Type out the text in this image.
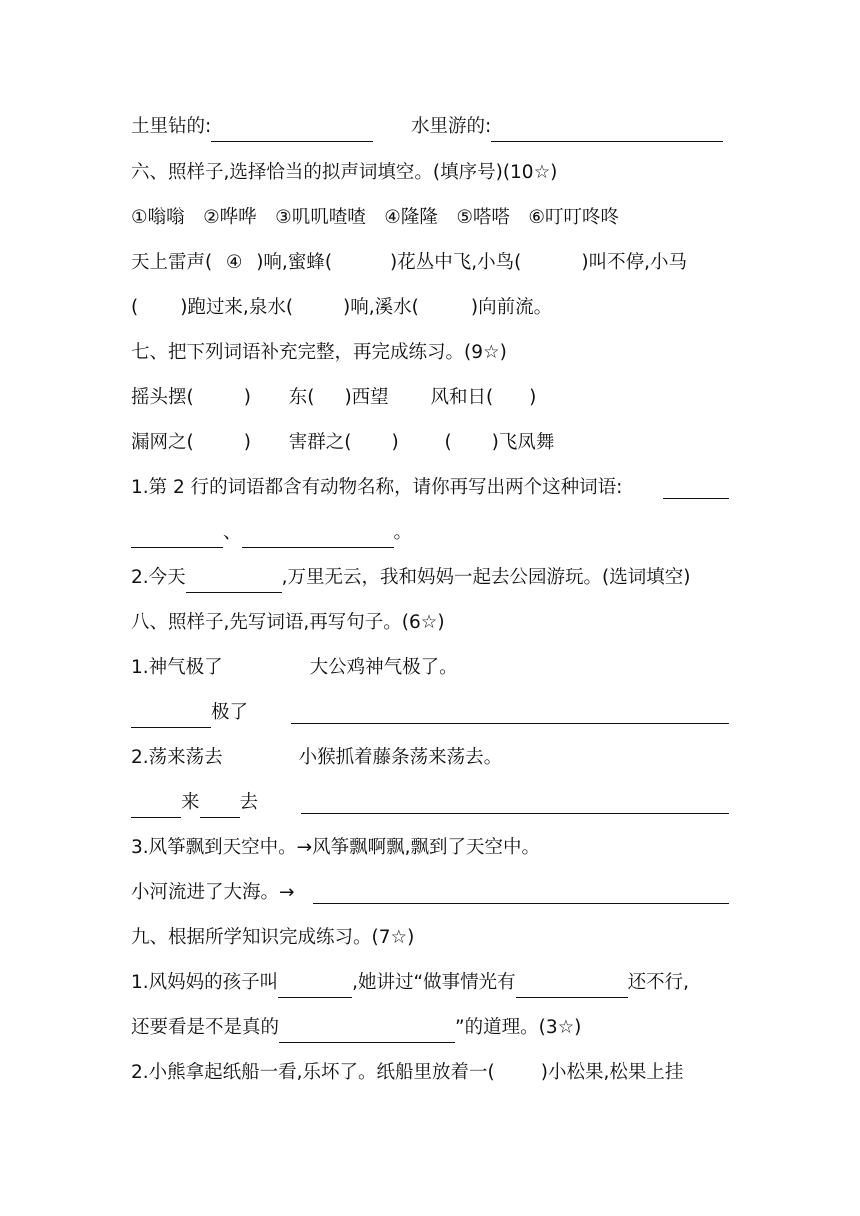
土里钻的:	水里游的:
六、照样子,选择恰当的拟声词填空。(填序号)(10☆)
①嗡嗡　②哗哗　③叽叽喳喳　④隆隆　⑤嗒嗒　⑥叮叮咚咚
天上雷声( ④ )响,蜜蜂(	)花丛中飞,小鸟(	)叫不停,小马
( )跑过来,泉水(	)响,溪水(	)向前流。
七、把下列词语补充完整，再完成练习。(9☆)
摇头摆(	) 东( )西望 风和日( )
漏网之(	) 害群之( ) ( )飞凤舞
1.第 2 行的词语都含有动物名称，请你再写出两个这种词语:
、	。
2.今天	,万里无云，我和妈妈一起去公园游玩。(选词填空)
八、照样子,先写词语,再写句子。(6☆)
1.神气极了	大公鸡神气极了。
极了
2.荡来荡去	小猴抓着藤条荡来荡去。
来 去
3.风筝飘到天空中。→风筝飘啊飘,飘到了天空中。
小河流进了大海。→
九、根据所学知识完成练习。(7☆)
1.风妈妈的孩子叫	,她讲过“做事情光有	还不行,
还要看是不是真的	”的道理。(3☆)
2.小熊拿起纸船一看,乐坏了。纸船里放着一( )小松果,松果上挂
